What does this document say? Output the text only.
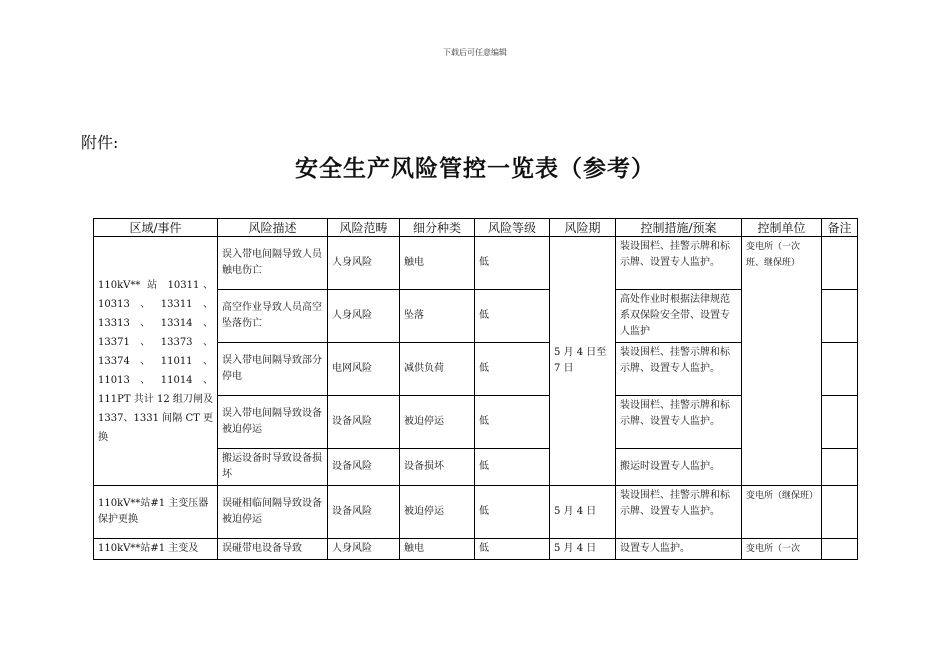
下载后可任意编辑
附件:
安全生产风险管控一览表（参考）
区域/事件	风险描述	风险范畴	细分种类	风险等级	风险期	控制措施/预案	控制单位	备注
110kV** 站 10311、10313、13311、13313、13314、13371、13373、13374、11011、11013、11014、111PT 共计 12 组刀闸及 1337、1331 间隔 CT 更换	误入带电间隔导致人员触电伤亡	人身风险	触电	低	5 月 4 日至 7 日	装设围栏、挂警示牌和标示牌、设置专人监护。	变电所（一次班、继保班）	
	高空作业导致人员高空坠落伤亡	人身风险	坠落	低		高处作业时根据法律规范系双保险安全带、设置专人监护		
	误入带电间隔导致部分停电	电网风险	减供负荷	低		装设围栏、挂警示牌和标示牌、设置专人监护。		
	误入带电间隔导致设备被迫停运	设备风险	被迫停运	低		装设围栏、挂警示牌和标示牌、设置专人监护。		
	搬运设备时导致设备损坏	设备风险	设备损坏	低		搬运时设置专人监护。		
110kV**站#1 主变压器保护更换	误碰相临间隔导致设备被迫停运	设备风险	被迫停运	低	5 月 4 日	装设围栏、挂警示牌和标示牌、设置专人监护。	变电所（继保班）	
110kV**站#1 主变及	误碰带电设备导致	人身风险	触电	低	5 月 4 日	设置专人监护。	变电所（一次	
